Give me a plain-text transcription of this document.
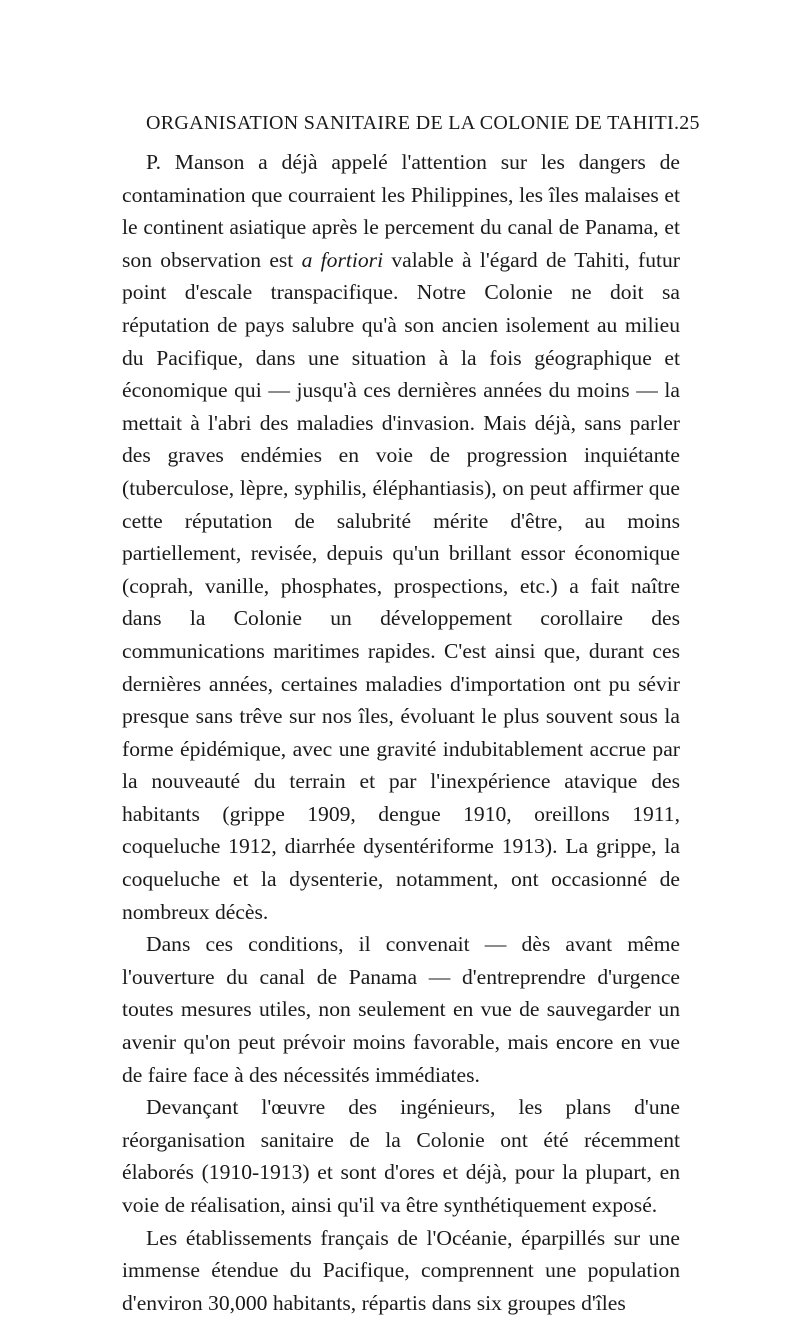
ORGANISATION SANITAIRE DE LA COLONIE DE TAHITI. 25

P. Manson a déjà appelé l'attention sur les dangers de contamination que courraient les Philippines, les îles malaises et le continent asiatique après le percement du canal de Panama, et son observation est a fortiori valable à l'égard de Tahiti, futur point d'escale transpacifique. Notre Colonie ne doit sa réputation de pays salubre qu'à son ancien isolement au milieu du Pacifique, dans une situation à la fois géographique et économique qui — jusqu'à ces dernières années du moins — la mettait à l'abri des maladies d'invasion. Mais déjà, sans parler des graves endémies en voie de progression inquiétante (tuberculose, lèpre, syphilis, éléphantiasis), on peut affirmer que cette réputation de salubrité mérite d'être, au moins partiellement, revisée, depuis qu'un brillant essor économique (coprah, vanille, phosphates, prospections, etc.) a fait naître dans la Colonie un développement corollaire des communications maritimes rapides. C'est ainsi que, durant ces dernières années, certaines maladies d'importation ont pu sévir presque sans trêve sur nos îles, évoluant le plus souvent sous la forme épidémique, avec une gravité indubitablement accrue par la nouveauté du terrain et par l'inexpérience atavique des habitants (grippe 1909, dengue 1910, oreillons 1911, coqueluche 1912, diarrhée dysentériforme 1913). La grippe, la coqueluche et la dysenterie, notamment, ont occasionné de nombreux décès.

Dans ces conditions, il convenait — dès avant même l'ouverture du canal de Panama — d'entreprendre d'urgence toutes mesures utiles, non seulement en vue de sauvegarder un avenir qu'on peut prévoir moins favorable, mais encore en vue de faire face à des nécessités immédiates.

Devançant l'œuvre des ingénieurs, les plans d'une réorganisation sanitaire de la Colonie ont été récemment élaborés (1910-1913) et sont d'ores et déjà, pour la plupart, en voie de réalisation, ainsi qu'il va être synthétiquement exposé.

Les établissements français de l'Océanie, éparpillés sur une immense étendue du Pacifique, comprennent une population d'environ 30,000 habitants, répartis dans six groupes d'îles
